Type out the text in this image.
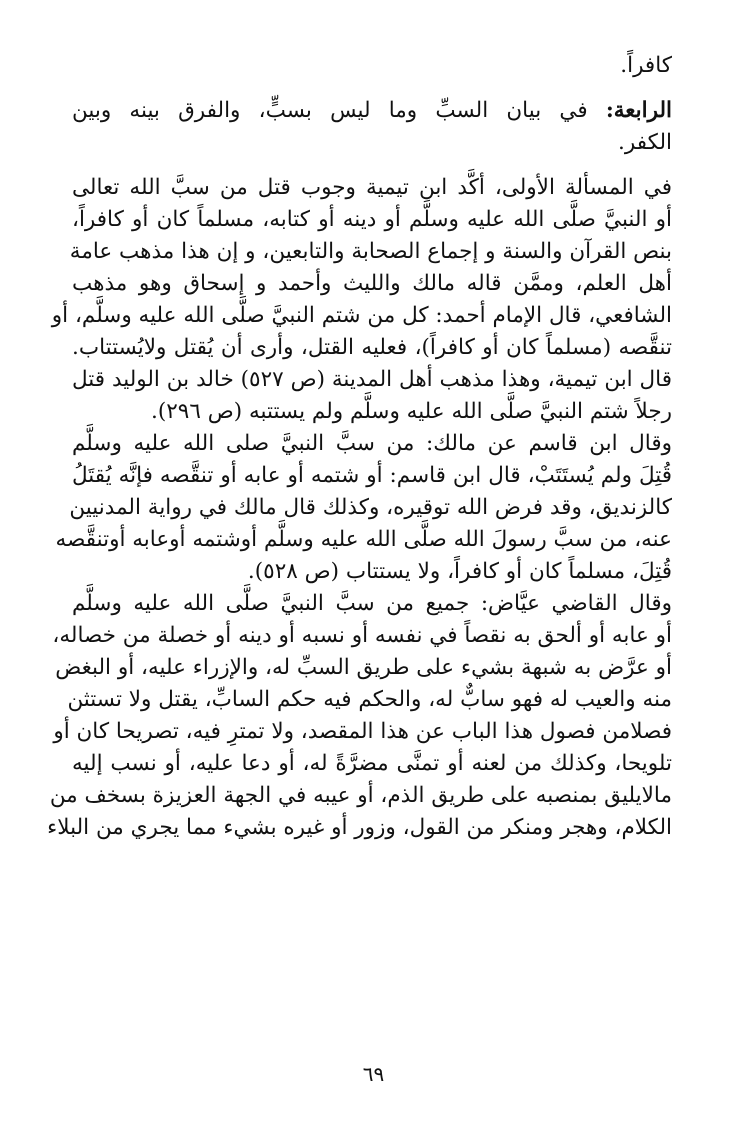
كافراً.
الرابعة: في بيان السبِّ وما ليس بسبٍّ، والفرق بينه وبين
الكفر.
في المسألة الأولى، أكَّد ابن تيمية وجوب قتل من سبَّ الله تعالى
أو النبيَّ صلَّى الله عليه وسلَّم أو دينه أو كتابه، مسلماً كان أو كافراً،
بنص القرآن والسنة و إجماع الصحابة والتابعين، و إن هذا مذهب عامة
أهل العلم، وممَّن قاله مالك والليث وأحمد و إسحاق وهو مذهب
الشافعي، قال الإمام أحمد: كل من شتم النبيَّ صلَّى الله عليه وسلَّم، أو
تنقَّصه (مسلماً كان أو كافراً)، فعليه القتل، وأرى أن يُقتل ولايُستتاب.
قال ابن تيمية، وهذا مذهب أهل المدينة (ص ٥٢٧) خالد بن الوليد قتل
رجلاً شتم النبيَّ صلَّى الله عليه وسلَّم ولم يستتبه (ص ٢٩٦).
وقال ابن قاسم عن مالك: من سبَّ النبيَّ صلى الله عليه وسلَّم
قُتِلَ ولم يُستَتَبْ، قال ابن قاسم: أو شتمه أو عابه أو تنقَّصه فإنَّه يُقتَلُ
كالزنديق، وقد فرض الله توقيره، وكذلك قال مالك في رواية المدنيين
عنه، من سبَّ رسولَ الله صلَّى الله عليه وسلَّم أوشتمه أوعابه أوتنقَّصه
قُتِلَ، مسلماً كان أو كافراً، ولا يستتاب (ص ٥٢٨).
وقال القاضي عيَّاض: جميع من سبَّ النبيَّ صلَّى الله عليه وسلَّم
أو عابه أو ألحق به نقصاً في نفسه أو نسبه أو دينه أو خصلة من خصاله،
أو عرَّض به شبهة بشيء على طريق السبِّ له، والإزراء عليه، أو البغض
منه والعيب له فهو سابٌّ له، والحكم فيه حكم السابِّ، يقتل ولا تستثن
فصلامن فصول هذا الباب عن هذا المقصد، ولا تمترِ فيه، تصريحا كان أو
تلويحا، وكذلك من لعنه أو تمنَّى مضرَّةً له، أو دعا عليه، أو نسب إليه
مالايليق بمنصبه على طريق الذم، أو عيبه في الجهة العزيزة بسخف من
الكلام، وهجر ومنكر من القول، وزور أو غيره بشيء مما يجري من البلاء
٦٩
